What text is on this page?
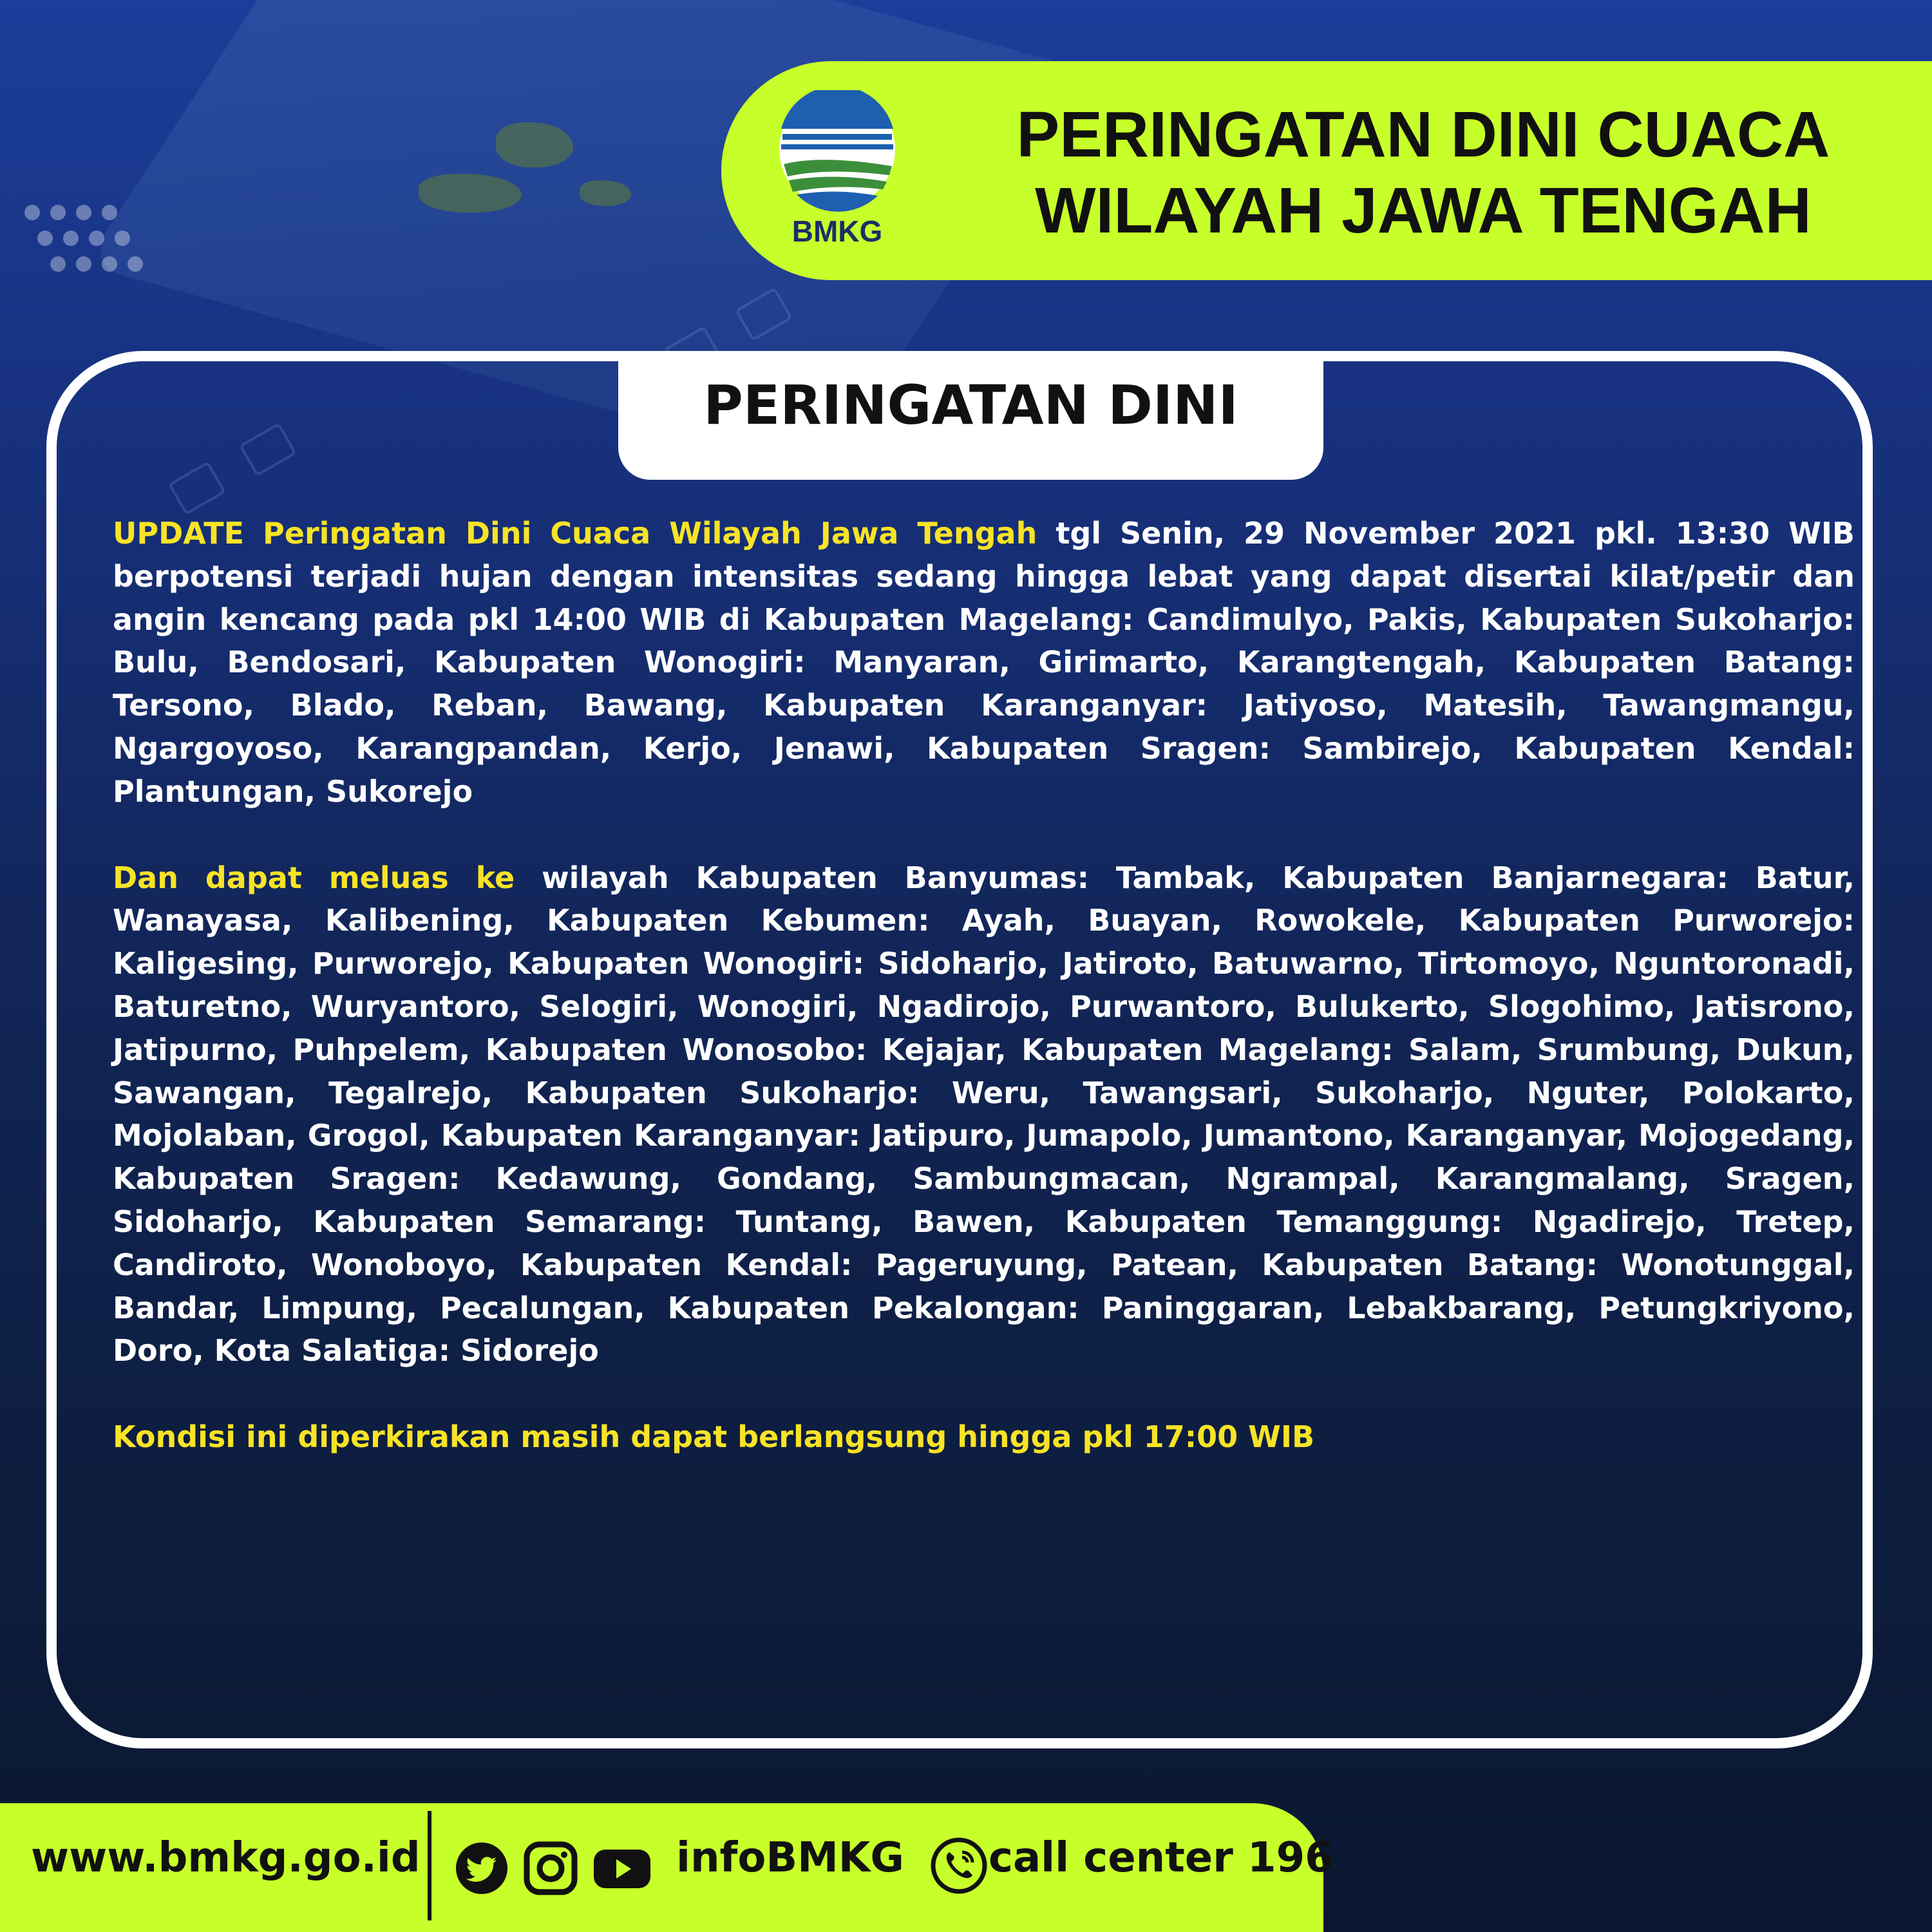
BMKG
PERINGATAN DINI CUACA
WILAYAH JAWA TENGAH
PERINGATAN DINI

UPDATE Peringatan Dini Cuaca Wilayah Jawa Tengah tgl Senin, 29 November 2021 pkl. 13:30 WIB berpotensi terjadi hujan dengan intensitas sedang hingga lebat yang dapat disertai kilat/petir dan angin kencang pada pkl 14:00 WIB di Kabupaten Magelang: Candimulyo, Pakis, Kabupaten Sukoharjo: Bulu, Bendosari, Kabupaten Wonogiri: Manyaran, Girimarto, Karangtengah, Kabupaten Batang: Tersono, Blado, Reban, Bawang, Kabupaten Karanganyar: Jatiyoso, Matesih, Tawangmangu, Ngargoyoso, Karangpandan, Kerjo, Jenawi, Kabupaten Sragen: Sambirejo, Kabupaten Kendal: Plantungan, Sukorejo

Dan dapat meluas ke wilayah Kabupaten Banyumas: Tambak, Kabupaten Banjarnegara: Batur, Wanayasa, Kalibening, Kabupaten Kebumen: Ayah, Buayan, Rowokele, Kabupaten Purworejo: Kaligesing, Purworejo, Kabupaten Wonogiri: Sidoharjo, Jatiroto, Batuwarno, Tirtomoyo, Nguntoronadi, Baturetno, Wuryantoro, Selogiri, Wonogiri, Ngadirojo, Purwantoro, Bulukerto, Slogohimo, Jatisrono, Jatipurno, Puhpelem, Kabupaten Wonosobo: Kejajar, Kabupaten Magelang: Salam, Srumbung, Dukun, Sawangan, Tegalrejo, Kabupaten Sukoharjo: Weru, Tawangsari, Sukoharjo, Nguter, Polokarto, Mojolaban, Grogol, Kabupaten Karanganyar: Jatipuro, Jumapolo, Jumantono, Karanganyar, Mojogedang, Kabupaten Sragen: Kedawung, Gondang, Sambungmacan, Ngrampal, Karangmalang, Sragen, Sidoharjo, Kabupaten Semarang: Tuntang, Bawen, Kabupaten Temanggung: Ngadirejo, Tretep, Candiroto, Wonoboyo, Kabupaten Kendal: Pageruyung, Patean, Kabupaten Batang: Wonotunggal, Bandar, Limpung, Pecalungan, Kabupaten Pekalongan: Paninggaran, Lebakbarang, Petungkriyono, Doro, Kota Salatiga: Sidorejo

Kondisi ini diperkirakan masih dapat berlangsung hingga pkl 17:00 WIB

www.bmkg.go.id	infoBMKG call center 196
